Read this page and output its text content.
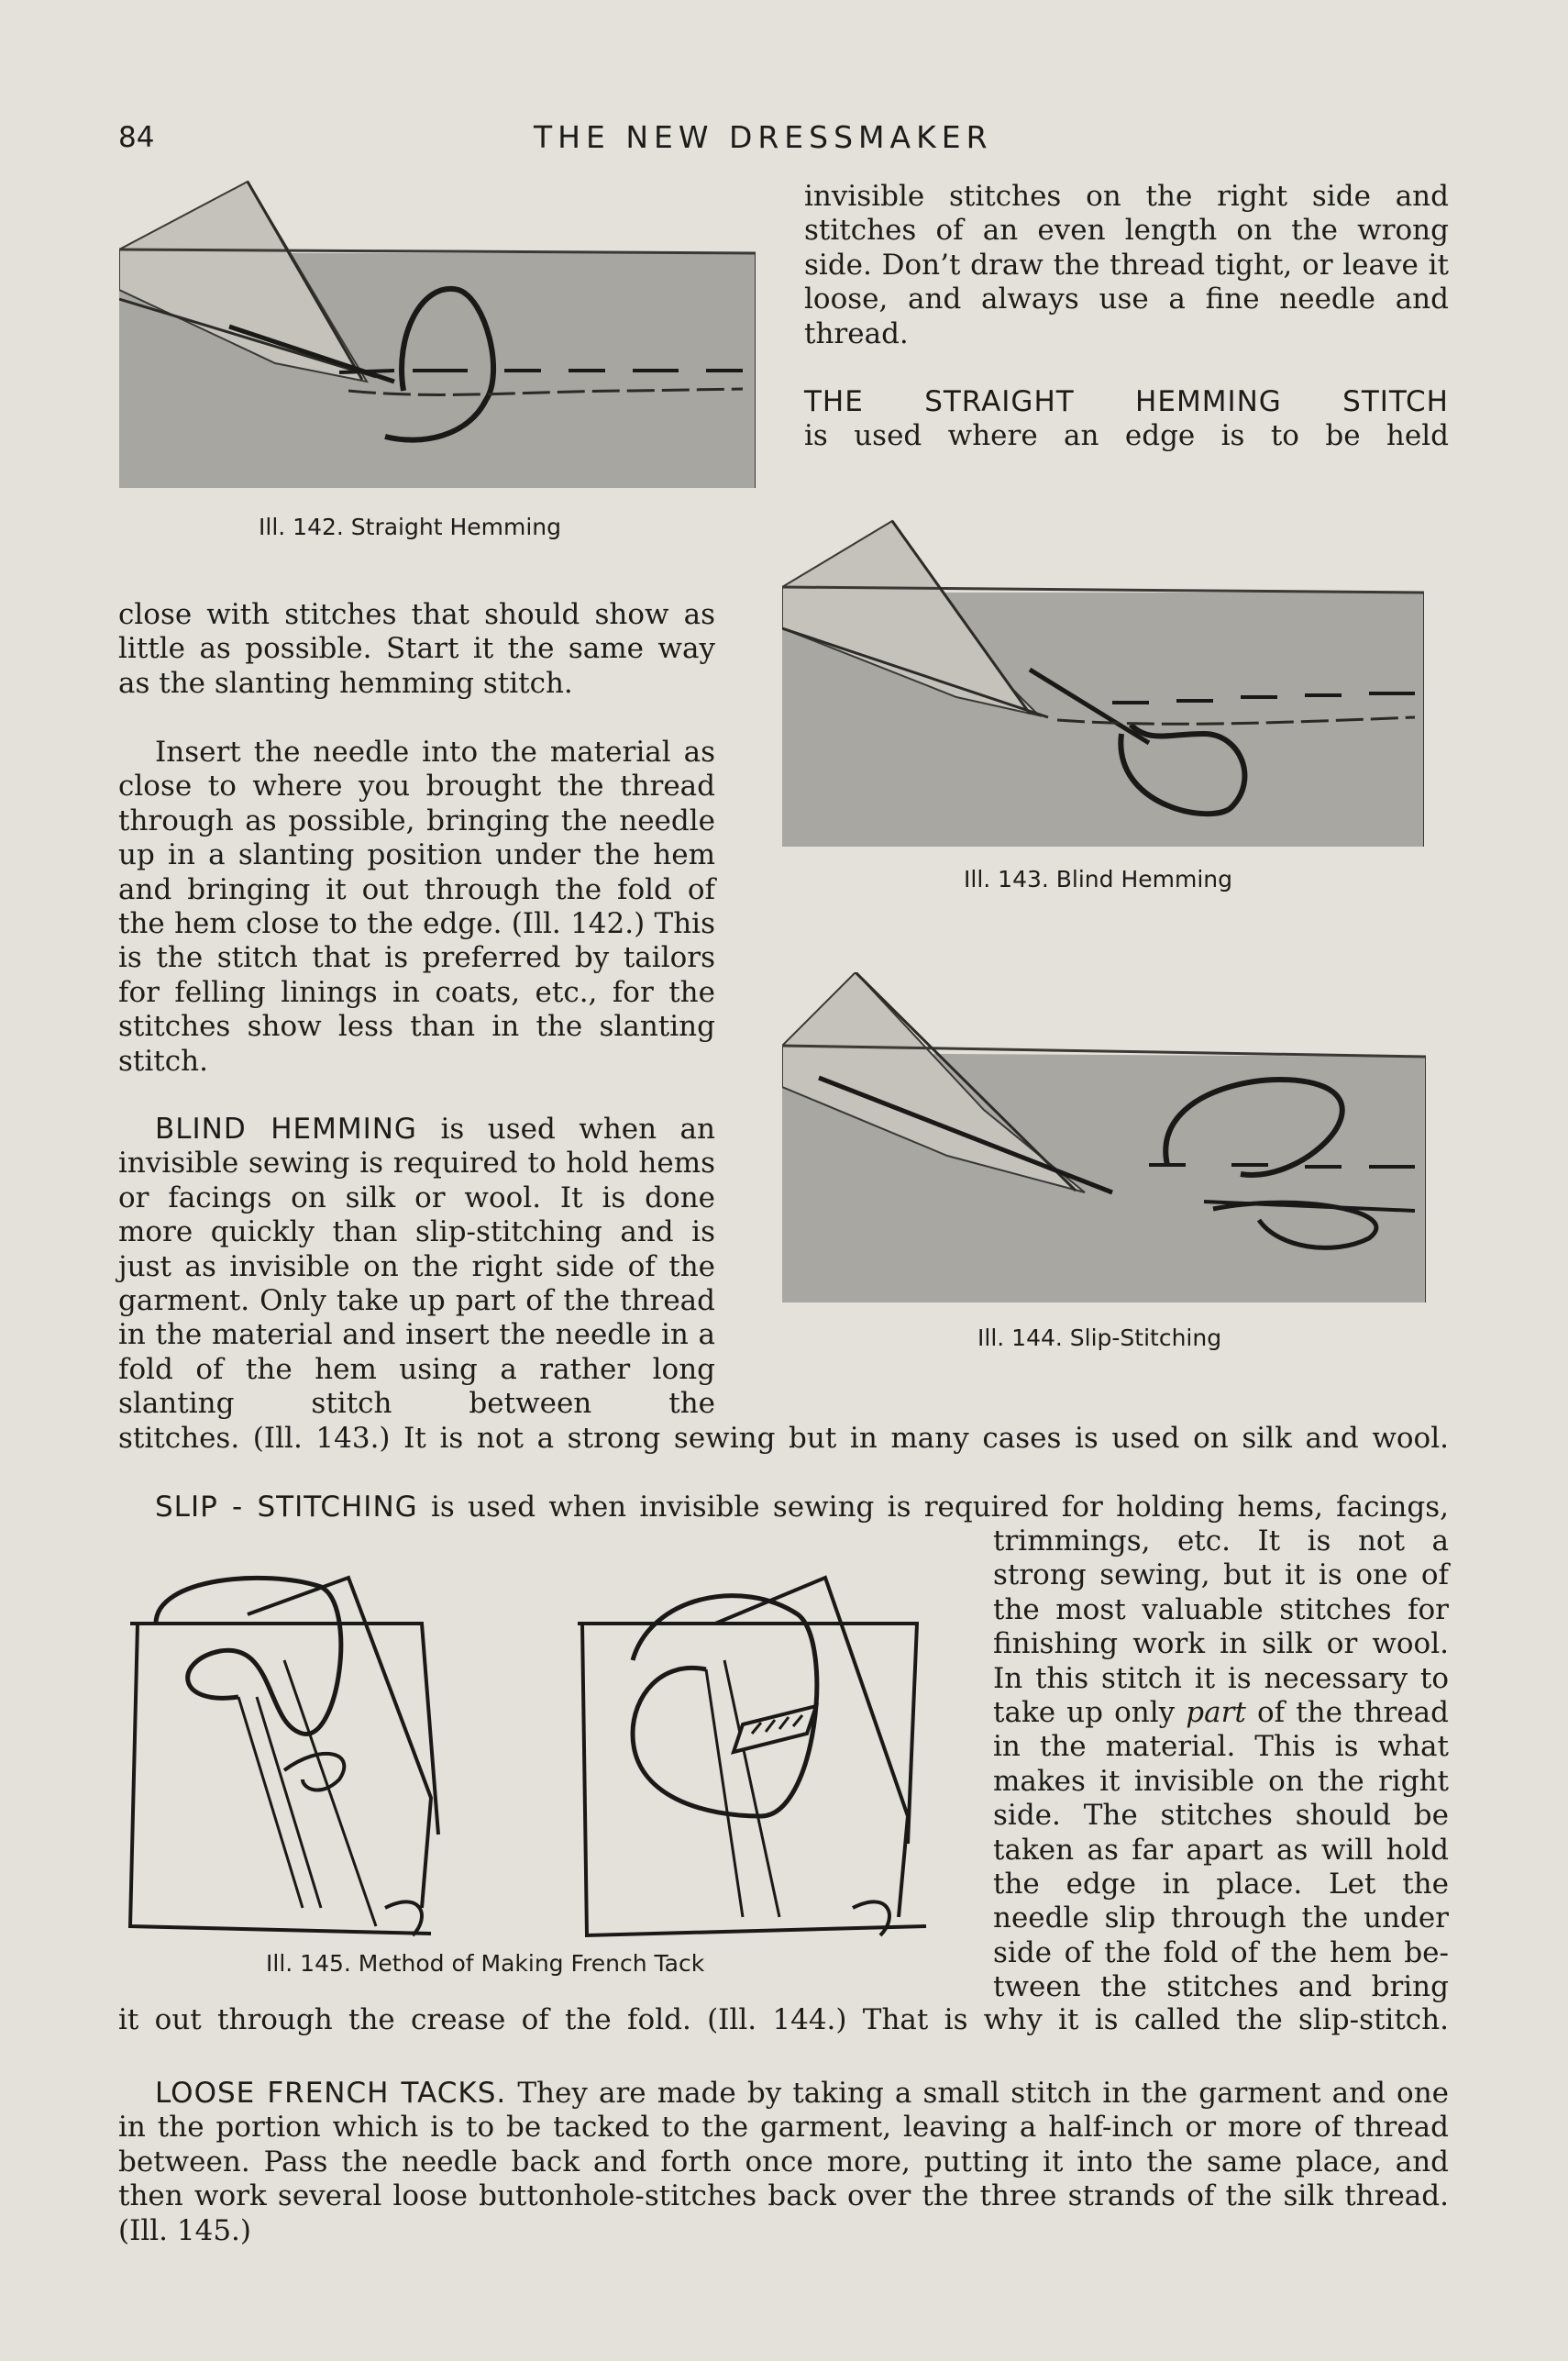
84	THE NEW DRESSMAKER
Ill. 142. Straight Hemming

invisible stitches on the right side and stitches of an even length on the wrong side. Don’t draw the thread tight, or leave it loose, and always use a fine needle and thread.

THE STRAIGHT HEMMING STITCH
is used where an edge is to be held

close with stitches that should show as little as possible. Start it the same way as the slanting hemming stitch.

Insert the needle into the material as close to where you brought the thread through as possible, bringing the needle up in a slanting position under the hem and bringing it out through the fold of the hem close to the edge. (Ill. 142.) This is the stitch that is preferred by tailors for felling linings in coats, etc., for the stitches show less than in the slanting stitch.

BLIND HEMMING is used when an invisible sewing is required to hold hems or facings on silk or wool. It is done more quickly than slip-stitching and is just as invisible on the right side of the garment. Only take up part of the thread in the material and insert the needle in a fold of the hem using a rather long slanting stitch between the

stitches. (Ill. 143.) It is not a strong sewing but in many cases is used on silk and wool.

Ill. 143. Blind Hemming
Ill. 144. Slip-Stitching

SLIP - STITCHING is used when invisible sewing is required for holding hems, facings,

Ill. 145. Method of Making French Tack

trimmings, etc. It is not a

strong sewing, but it is one of

the most valuable stitches for

finishing work in silk or wool.

In this stitch it is necessary to

take up only part of the thread

in the material. This is what

makes it invisible on the right

side. The stitches should be

taken as far apart as will hold

the edge in place. Let the

needle slip through the under

side of the fold of the hem be-

tween the stitches and bring

it out through the crease of the fold. (Ill. 144.) That is why it is called the slip-stitch.

LOOSE FRENCH TACKS. They are made by taking a small stitch in the garment and one in the portion which is to be tacked to the garment, leaving a half-inch or more of thread between. Pass the needle back and forth once more, putting it into the same place, and then work several loose buttonhole-stitches back over the three strands of the silk thread. (Ill. 145.)
